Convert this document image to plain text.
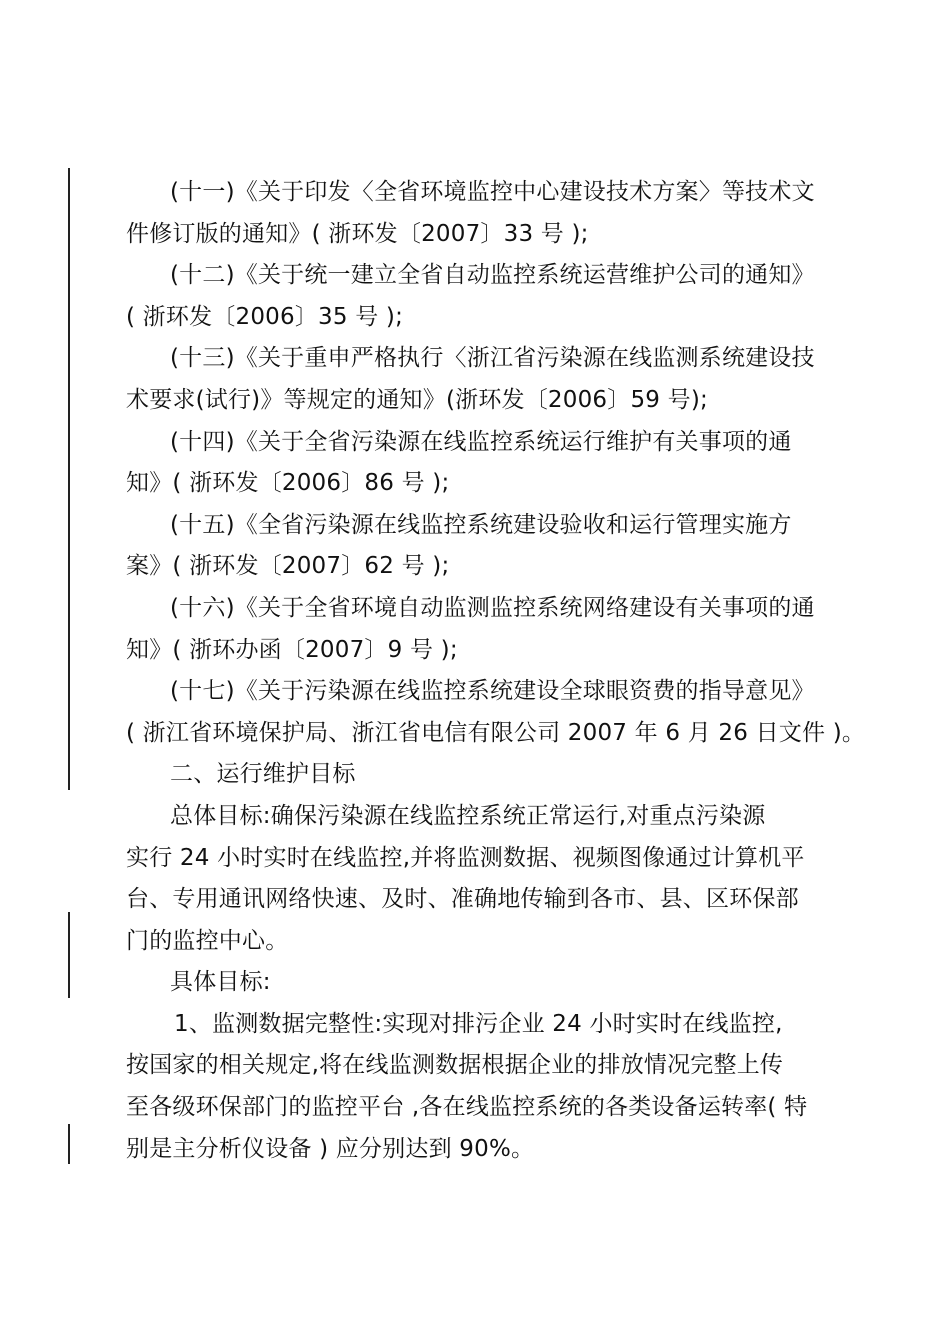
(十一)《关于印发〈全省环境监控中心建设技术方案〉等技术文
件修订版的通知》( 浙环发〔2007〕33 号 );
(十二)《关于统一建立全省自动监控系统运营维护公司的通知》
( 浙环发〔2006〕35 号 );
(十三)《关于重申严格执行〈浙江省污染源在线监测系统建设技
术要求(试行)》等规定的通知》(浙环发〔2006〕59 号);
(十四)《关于全省污染源在线监控系统运行维护有关事项的通
知》( 浙环发〔2006〕86 号 );
(十五)《全省污染源在线监控系统建设验收和运行管理实施方
案》( 浙环发〔2007〕62 号 );
(十六)《关于全省环境自动监测监控系统网络建设有关事项的通
知》( 浙环办函〔2007〕9 号 );
(十七)《关于污染源在线监控系统建设全球眼资费的指导意见》
( 浙江省环境保护局、浙江省电信有限公司 2007 年 6 月 26 日文件 )。
二、运行维护目标
总体目标:确保污染源在线监控系统正常运行,对重点污染源
实行 24 小时实时在线监控,并将监测数据、视频图像通过计算机平
台、专用通讯网络快速、及时、准确地传输到各市、县、区环保部
门的监控中心。
具体目标:
1、监测数据完整性:实现对排污企业 24 小时实时在线监控,
按国家的相关规定,将在线监测数据根据企业的排放情况完整上传
至各级环保部门的监控平台 ,各在线监控系统的各类设备运转率( 特
别是主分析仪设备 ) 应分别达到 90%。
